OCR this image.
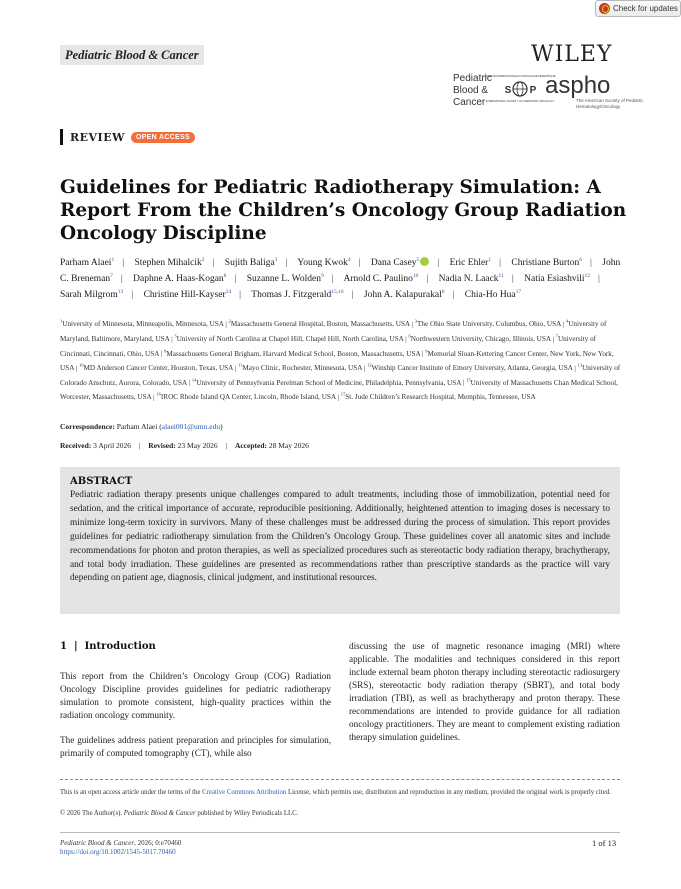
Check for updates
Pediatric Blood & Cancer	WILEY
Pediatric
Blood &
Cancer
SOCIETE INTERNATIONALE D'ONCOLOGIE PEDIATRIQUE
S P
INTERNATIONAL SOCIETY OF PAEDIATRIC ONCOLOGY
aspho
The American Society of Pediatric Hematology/Oncology
REVIEW	OPEN ACCESS
Guidelines for Pediatric Radiotherapy Simulation: A Report From the Children’s Oncology Group Radiation Oncology Discipline
Parham Alaei$^1$ | Stephen Mihalcik$^2$ | Sujith Baliga$^3$ | Young Kwok$^4$ | Dana Casey$^5$ | Eric Ehler$^1$ | Christiane Burton$^6$ | John C. Breneman$^7$ | Daphne A. Haas-Kogan$^8$ | Suzanne L. Wolden$^9$ | Arnold C. Paulino$^{10}$ | Nadia N. Laack$^{11}$ | Natia Esiashvili$^{12}$ | Sarah Milgrom$^{13}$ | Christine Hill-Kayser$^{14}$ | Thomas J. Fitzgerald$^{15,16}$ | John A. Kalapurakal$^6$ | Chia-Ho Hua$^{17}$
$^1$University of Minnesota, Minneapolis, Minnesota, USA | $^2$Massachusetts General Hospital, Boston, Massachusetts, USA | $^3$The Ohio State University, Columbus, Ohio, USA | $^4$University of Maryland, Baltimore, Maryland, USA | $^5$University of North Carolina at Chapel Hill, Chapel Hill, North Carolina, USA | $^6$Northwestern University, Chicago, Illinois, USA | $^7$University of Cincinnati, Cincinnati, Ohio, USA | $^8$Massachusetts General Brigham, Harvard Medical School, Boston, Massachusetts, USA | $^9$Memorial Sloan-Kettering Cancer Center, New York, New York, USA | $^{10}$MD Anderson Cancer Center, Houston, Texas, USA | $^{11}$Mayo Clinic, Rochester, Minnesota, USA | $^{12}$Winship Cancer Institute of Emory University, Atlanta, Georgia, USA | $^{13}$University of Colorado Anschutz, Aurora, Colorado, USA | $^{14}$University of Pennsylvania Perelman School of Medicine, Philadelphia, Pennsylvania, USA | $^{15}$University of Massachusetts Chan Medical School, Worcester, Massachusetts, USA | $^{16}$IROC Rhode Island QA Center, Lincoln, Rhode Island, USA | $^{17}$St. Jude Children’s Research Hospital, Memphis, Tennessee, USA
Correspondence: Parham Alaei (alaei001@umn.edu)
Received: 3 April 2026 | Revised: 23 May 2026 | Accepted: 28 May 2026
ABSTRACT
Pediatric radiation therapy presents unique challenges compared to adult treatments, including those of immobilization, potential need for sedation, and the critical importance of accurate, reproducible positioning. Additionally, heightened attention to imaging doses is necessary to minimize long-term toxicity in survivors. Many of these challenges must be addressed during the process of simulation. This report provides guidelines for pediatric radiotherapy simulation from the Children’s Oncology Group. These guidelines cover all anatomic sites and include recommendations for photon and proton therapies, as well as specialized procedures such as stereotactic body radiation therapy, brachytherapy, and total body irradiation. These guidelines are presented as recommendations rather than prescriptive standards as the practice will vary depending on patient age, diagnosis, clinical judgment, and institutional resources.
1 | Introduction

This report from the Children’s Oncology Group (COG) Radiation Oncology Discipline provides guidelines for pediatric radiotherapy simulation to promote consistent, high-quality practices within the radiation oncology community.

The guidelines address patient preparation and principles for simulation, primarily of computed tomography (CT), while also

discussing the use of magnetic resonance imaging (MRI) where applicable. The modalities and techniques considered in this report include external beam photon therapy including stereotactic radiosurgery (SRS), stereotactic body radiation therapy (SBRT), and total body irradiation (TBI), as well as brachytherapy and proton therapy. These recommendations are intended to provide guidance for all radiation oncology practitioners. They are meant to complement existing radiation therapy simulation guidelines.

This is an open access article under the terms of the Creative Commons Attribution License, which permits use, distribution and reproduction in any medium, provided the original work is properly cited.
© 2026 The Author(s). Pediatric Blood & Cancer published by Wiley Periodicals LLC.
Pediatric Blood & Cancer, 2026; 0:e70460
https://doi.org/10.1002/1545-5017.70460
1 of 13
